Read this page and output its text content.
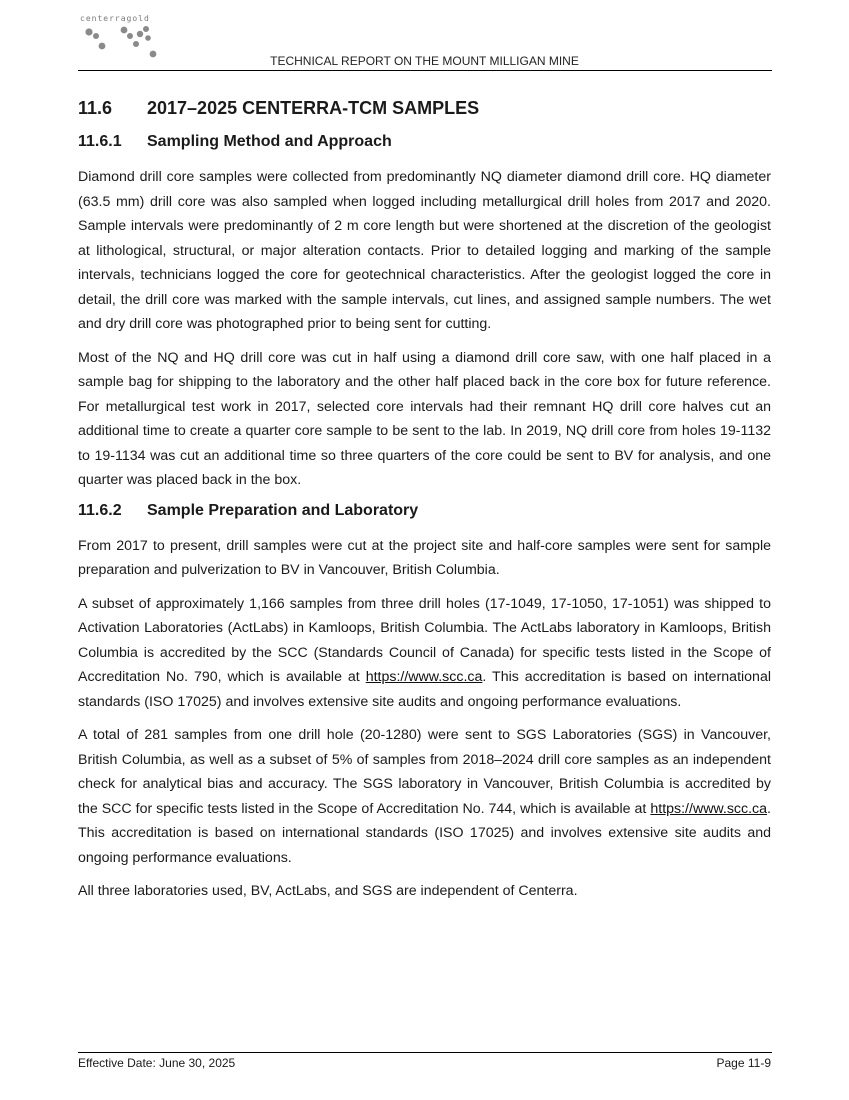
centerragold
TECHNICAL REPORT ON THE MOUNT MILLIGAN MINE
11.6	2017–2025 CENTERRA-TCM SAMPLES
11.6.1	Sampling Method and Approach

Diamond drill core samples were collected from predominantly NQ diameter diamond drill core. HQ diameter (63.5 mm) drill core was also sampled when logged including metallurgical drill holes from 2017 and 2020. Sample intervals were predominantly of 2 m core length but were shortened at the discretion of the geologist at lithological, structural, or major alteration contacts. Prior to detailed logging and marking of the sample intervals, technicians logged the core for geotechnical characteristics. After the geologist logged the core in detail, the drill core was marked with the sample intervals, cut lines, and assigned sample numbers. The wet and dry drill core was photographed prior to being sent for cutting.

Most of the NQ and HQ drill core was cut in half using a diamond drill core saw, with one half placed in a sample bag for shipping to the laboratory and the other half placed back in the core box for future reference. For metallurgical test work in 2017, selected core intervals had their remnant HQ drill core halves cut an additional time to create a quarter core sample to be sent to the lab. In 2019, NQ drill core from holes 19-1132 to 19-1134 was cut an additional time so three quarters of the core could be sent to BV for analysis, and one quarter was placed back in the box.

11.6.2	Sample Preparation and Laboratory

From 2017 to present, drill samples were cut at the project site and half-core samples were sent for sample preparation and pulverization to BV in Vancouver, British Columbia.

A subset of approximately 1,166 samples from three drill holes (17-1049, 17-1050, 17-1051) was shipped to Activation Laboratories (ActLabs) in Kamloops, British Columbia. The ActLabs laboratory in Kamloops, British Columbia is accredited by the SCC (Standards Council of Canada) for specific tests listed in the Scope of Accreditation No. 790, which is available at https://www.scc.ca. This accreditation is based on international standards (ISO 17025) and involves extensive site audits and ongoing performance evaluations.

A total of 281 samples from one drill hole (20-1280) were sent to SGS Laboratories (SGS) in Vancouver, British Columbia, as well as a subset of 5% of samples from 2018–2024 drill core samples as an independent check for analytical bias and accuracy. The SGS laboratory in Vancouver, British Columbia is accredited by the SCC for specific tests listed in the Scope of Accreditation No. 744, which is available at https://www.scc.ca. This accreditation is based on international standards (ISO 17025) and involves extensive site audits and ongoing performance evaluations.

All three laboratories used, BV, ActLabs, and SGS are independent of Centerra.

Effective Date: June 30, 2025	Page 11-9
